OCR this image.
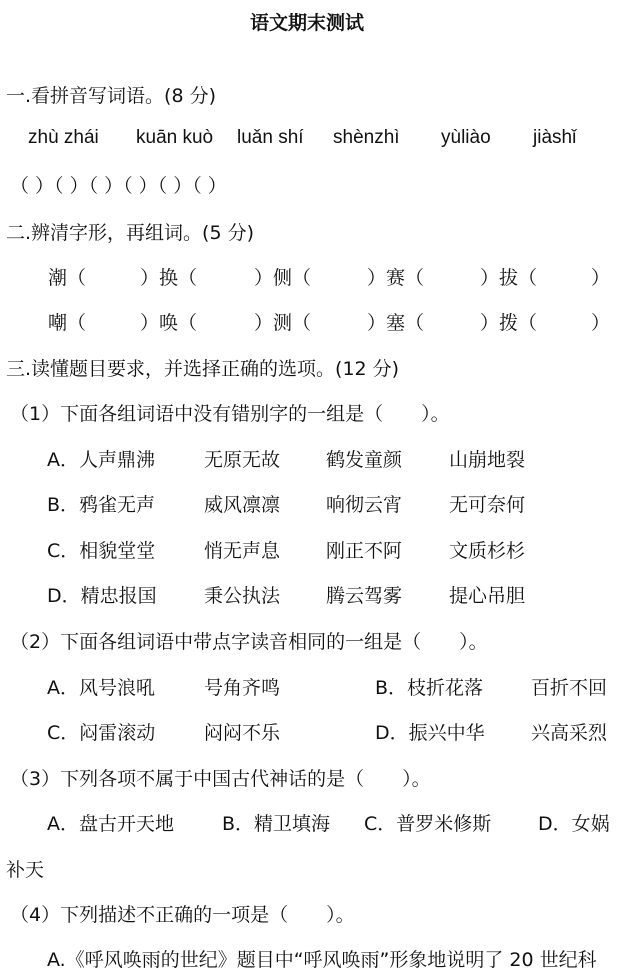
语文期末测试
一.看拼音写词语。(8 分)
zhù zhái kuān kuò luǎn shí shènzhì yùliào jiàshǐ
（ ）（ ）（ ）（ ）（ ）（ ）
二.辨清字形，再组词。(5 分)
潮（	）换（	）侧（	）赛（	）拔（	）
嘲（	）唤（	）测（	）塞（	）拨（	）
三.读懂题目要求，并选择正确的选项。(12 分)
（1）下面各组词语中没有错别字的一组是（　　）。
A．人声鼎沸	无原无故 鹤发童颜 山崩地裂
B．鸦雀无声	威风凛凛 响彻云宵 无可奈何
C．相貌堂堂	悄无声息 刚正不阿 文质杉杉
D．精忠报国 秉公执法 腾云驾雾 提心吊胆
（2）下面各组词语中带点字读音相同的一组是（　　）。
A．风号浪吼	号角齐鸣	B．枝折花落	百折不回
C．闷雷滚动	闷闷不乐	D．振兴中华 兴高采烈
（3）下列各项不属于中国古代神话的是（　　）。
A．盘古开天地	B．精卫填海 C．普罗米修斯 D．女娲
补天
（4）下列描述不正确的一项是（　　）。
A.《呼风唤雨的世纪》题目中“呼风唤雨”形象地说明了 20 世纪科
